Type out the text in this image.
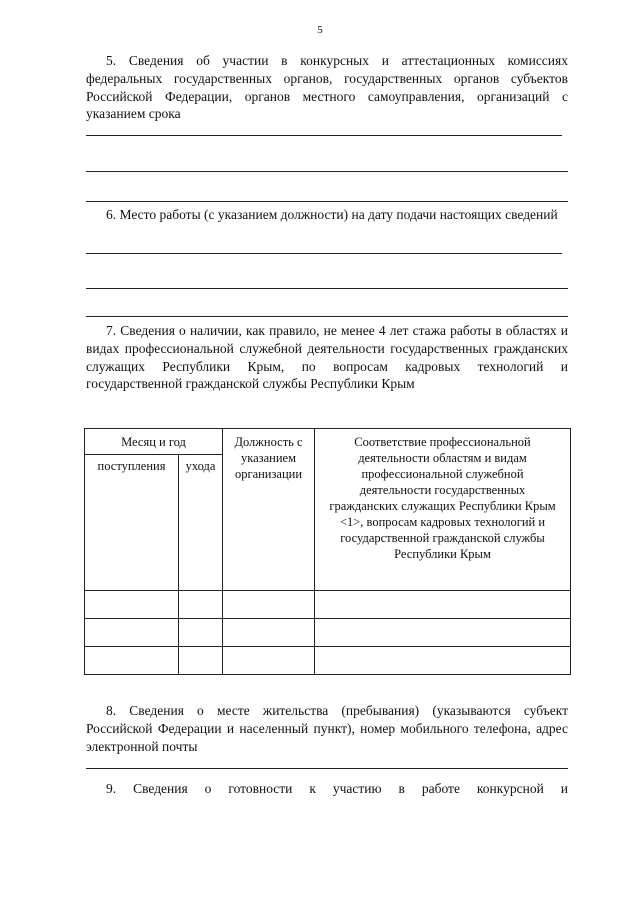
5
5. Сведения об участии в конкурсных и аттестационных комиссиях федеральных государственных органов, государственных органов субъектов Российской Федерации, органов местного самоуправления, организаций с указанием срока
6. Место работы (с указанием должности) на дату подачи настоящих сведений
7. Сведения о наличии, как правило, не менее 4 лет стажа работы в областях и видах профессиональной служебной деятельности государственных гражданских служащих Республики Крым, по вопросам кадровых технологий и государственной гражданской службы Республики Крым
Месяц и год		Должность с указанием организации	Соответствие профессиональной деятельности областям и видам профессиональной служебной деятельности государственных гражданских служащих Республики Крым <1>, вопросам кадровых технологий и государственной гражданской службы Республики Крым
поступления	ухода		

8. Сведения о месте жительства (пребывания) (указываются субъект Российской Федерации и населенный пункт), номер мобильного телефона, адрес электронной почты
9. Сведения о готовности к участию в работе конкурсной и
